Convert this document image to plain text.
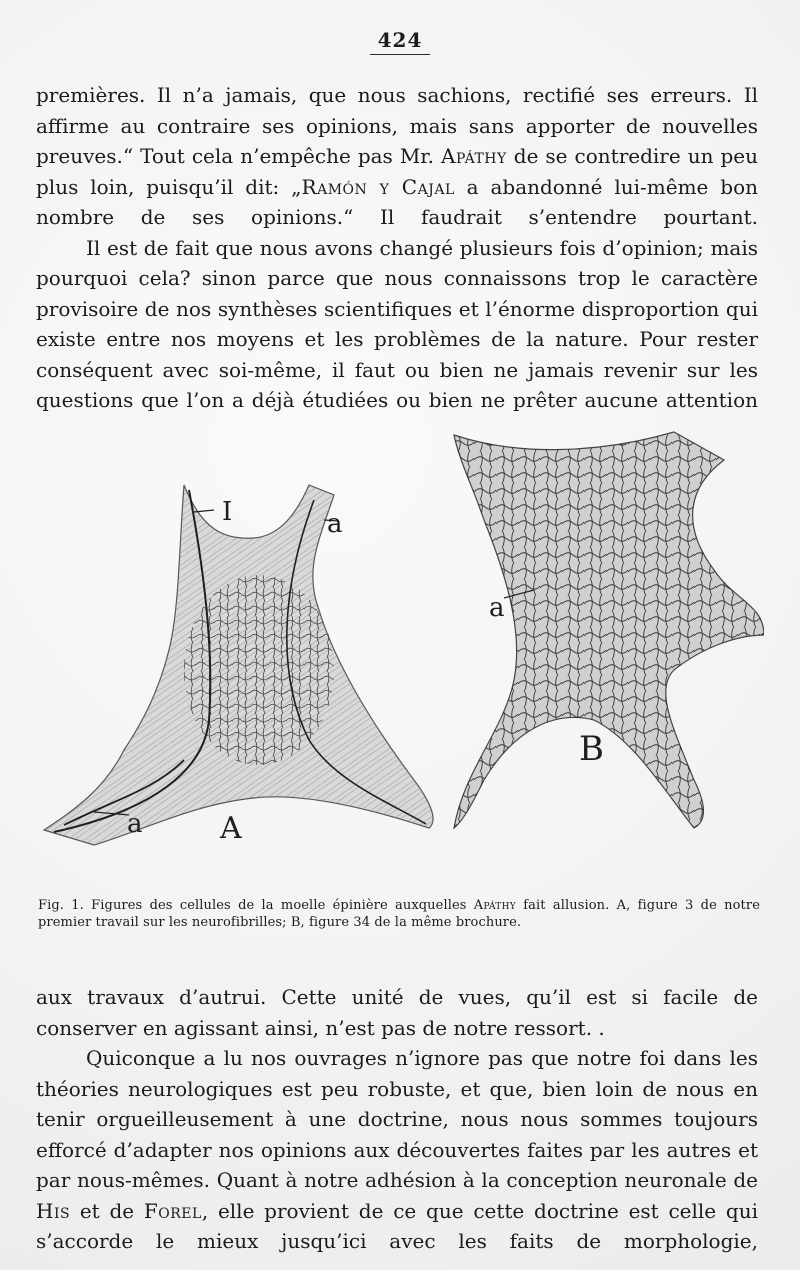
424

premières. Il n’a jamais, que nous sachions, rectifié ses erreurs. Il affirme au contraire ses opinions, mais sans apporter de nouvelles preuves.“ Tout cela n’empêche pas Mr. Apáthy de se contredire un peu plus loin, puisqu’il dit: „Ramón y Cajal a abandonné lui-même bon nombre de ses opinions.“ Il faudrait s’entendre pourtant.

Il est de fait que nous avons changé plusieurs fois d’opinion; mais pourquoi cela? sinon parce que nous connaissons trop le caractère provisoire de nos synthèses scientifiques et l’énorme disproportion qui existe entre nos moyens et les problèmes de la nature. Pour rester conséquent avec soi-même, il faut ou bien ne jamais revenir sur les questions que l’on a déjà étudiées ou bien ne prêter aucune attention

I	a
a	A
a
B
Fig. 1. Figures des cellules de la moelle épinière auxquelles Apáthy fait allusion. A, figure 3 de notre premier travail sur les neurofibrilles; B, figure 34 de la même brochure.

aux travaux d’autrui. Cette unité de vues, qu’il est si facile de conserver en agissant ainsi, n’est pas de notre ressort. .

Quiconque a lu nos ouvrages n’ignore pas que notre foi dans les théories neurologiques est peu robuste, et que, bien loin de nous en tenir orgueilleusement à une doctrine, nous nous sommes toujours efforcé d’adapter nos opinions aux découvertes faites par les autres et par nous-mêmes. Quant à notre adhésion à la conception neuronale de His et de Forel, elle provient de ce que cette doctrine est celle qui s’accorde le mieux jusqu’ici avec les faits de morphologie,
